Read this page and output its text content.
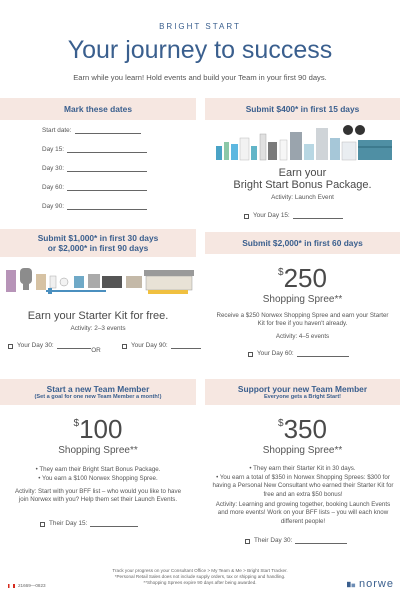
BRIGHT START
Your journey to success
Earn while you learn! Hold events and build your Team in your first 90 days.
Mark these dates
Start date:
Day 15:
Day 30:
Day 60:
Day 90:
Submit $400* in first 15 days
Earn your
Bright Start Bonus Package.
Activity: Launch Event
Your Day 15:
Submit $1,000* in first 30 days
or $2,000* in first 90 days
Earn your Starter Kit for free.
Activity: 2–3 events
Your Day 30:
OR
Your Day 90:
Submit $2,000* in first 60 days
$250
Shopping Spree**
Receive a $250 Norwex Shopping Spree and earn your Starter Kit for free if you haven't already.
Activity: 4–5 events
Your Day 60:
Start a new Team Member
(Set a goal for one new Team Member a month!)
$100
Shopping Spree**
• They earn their Bright Start Bonus Package.
• You earn a $100 Norwex Shopping Spree.
Activity: Start with your BFF list – who would you like to have join Norwex with you? Help them set their Launch Events.
Their Day 15:
Support your new Team Member
Everyone gets a Bright Start!
$350
Shopping Spree**
• They earn their Starter Kit in 30 days.
• You earn a total of $350 in Norwex Shopping Sprees: $300 for having a Personal New Consultant who earned their Starter Kit for free and an extra $50 bonus!
Activity: Learning and growing together, booking Launch Events and more events! Work on your BFF lists – you will each know different people!
Their Day 30:
Track your progress on your Consultant Office > My Team & Me > Bright Start Tracker.
*Personal Retail Sales does not include supply orders, tax or shipping and handling.
**Shopping Sprees expire 90 days after being awarded.
21669—0823	norwe
